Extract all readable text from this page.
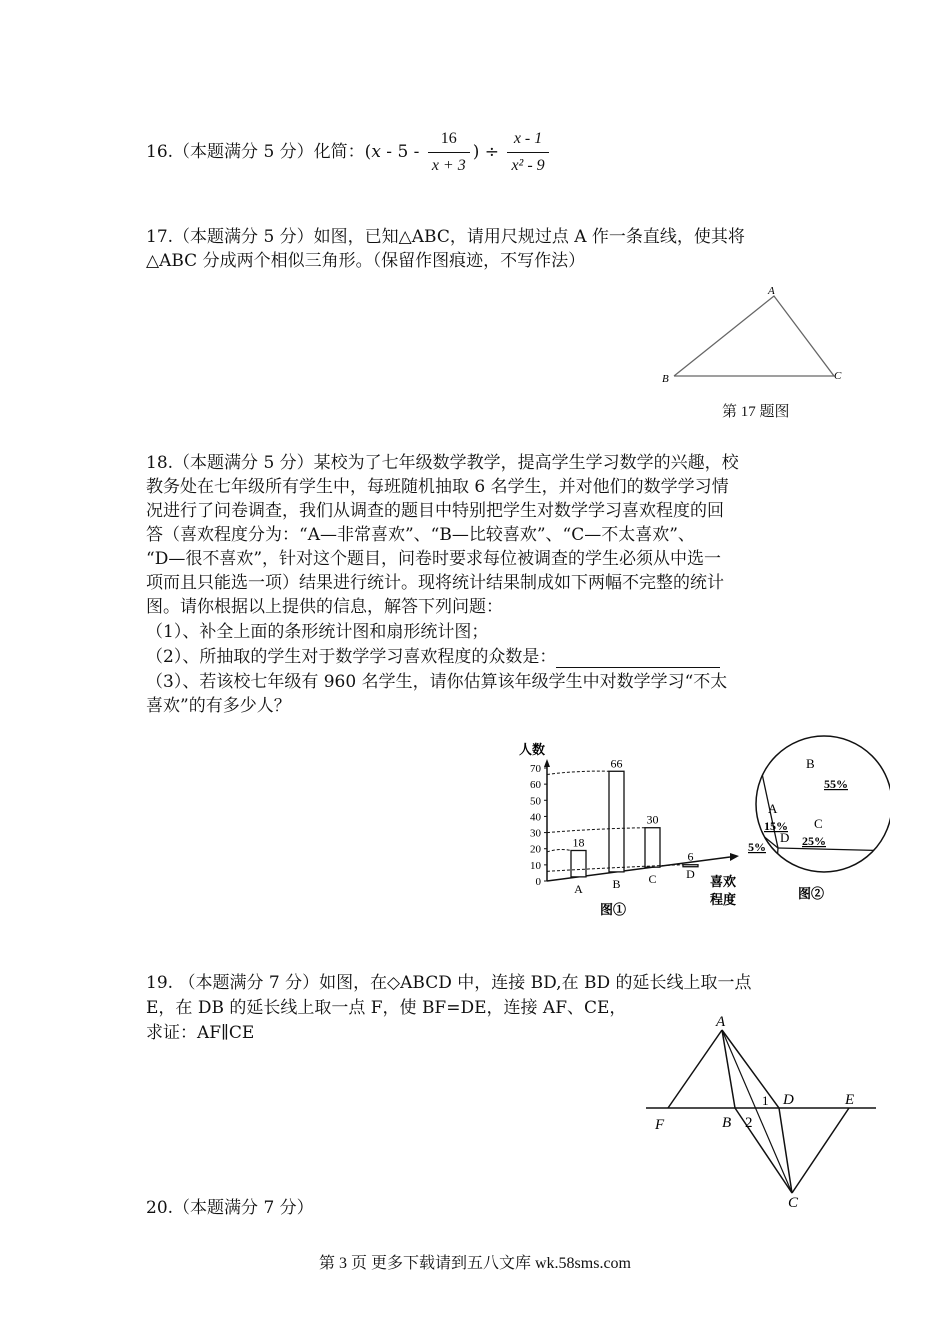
16.（本题满分 5 分）化简：($x - 5 - \frac{16}{x + 3}$ ) ÷ $\frac{x - 1}{\text{x² - 9}}$
17.（本题满分 5 分）如图，已知△ABC，请用尺规过点 A 作一条直线，使其将
△ABC 分成两个相似三角形。（保留作图痕迹，不写作法）
A
B	C
第 17 题图
18.（本题满分 5 分）某校为了七年级数学教学，提高学生学习数学的兴趣，校
教务处在七年级所有学生中，每班随机抽取 6 名学生，并对他们的数学学习情
况进行了问卷调查，我们从调查的题目中特别把学生对数学学习喜欢程度的回
答（喜欢程度分为：“A—非常喜欢”、“B—比较喜欢”、“C—不太喜欢”、
“D—很不喜欢”，针对这个题目，问卷时要求每位被调查的学生必须从中选一
项而且只能选一项）结果进行统计。现将统计结果制成如下两幅不完整的统计
图。请你根据以上提供的信息，解答下列问题：
（1）、补全上面的条形统计图和扇形统计图；
（2）、所抽取的学生对于数学学习喜欢程度的众数是：
（3）、若该校七年级有 960 名学生，请你估算该年级学生中对数学学习“不太
喜欢”的有多少人？
0
10
20
30
40
50
60
70
18
A
66
B
30
C
6
D
人数
喜欢
程度
图①
B
55%
A
15% C
25%
D
5%
图②
19. （本题满分 7 分）如图，在◇ABCD 中，连接 BD,在 BD 的延长线上取一点
E，在 DB 的延长线上取一点 F，使 BF=DE，连接 AF、CE，
求证：AF∥CE
A
F	B 2
1 D	E
C
20.（本题满分 7 分）
第 3 页 更多下载请到五八文库 wk.58sms.com
